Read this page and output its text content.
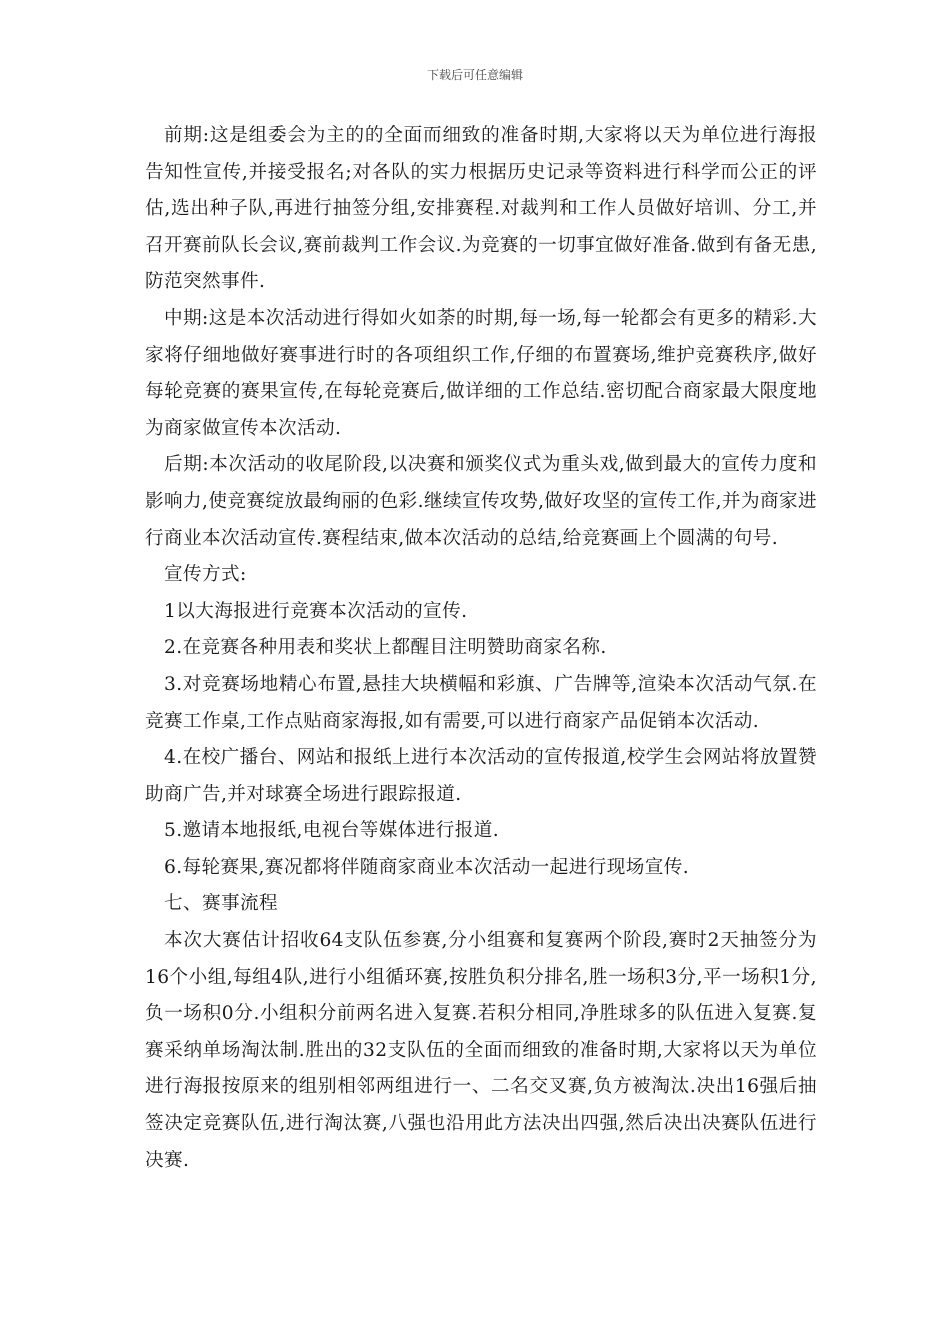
下载后可任意编辑

前期:这是组委会为主的的全面而细致的准备时期,大家将以天为单位进行海报告知性宣传,并接受报名;对各队的实力根据历史记录等资料进行科学而公正的评估,选出种子队,再进行抽签分组,安排赛程.对裁判和工作人员做好培训、分工,并召开赛前队长会议,赛前裁判工作会议.为竞赛的一切事宜做好准备.做到有备无患,防范突然事件.

中期:这是本次活动进行得如火如荼的时期,每一场,每一轮都会有更多的精彩.大家将仔细地做好赛事进行时的各项组织工作,仔细的布置赛场,维护竞赛秩序,做好每轮竞赛的赛果宣传,在每轮竞赛后,做详细的工作总结.密切配合商家最大限度地为商家做宣传本次活动.

后期:本次活动的收尾阶段,以决赛和颁奖仪式为重头戏,做到最大的宣传力度和影响力,使竞赛绽放最绚丽的色彩.继续宣传攻势,做好攻坚的宣传工作,并为商家进行商业本次活动宣传.赛程结束,做本次活动的总结,给竞赛画上个圆满的句号.

宣传方式:

1以大海报进行竞赛本次活动的宣传.

2.在竞赛各种用表和奖状上都醒目注明赞助商家名称.

3.对竞赛场地精心布置,悬挂大块横幅和彩旗、广告牌等,渲染本次活动气氛.在竞赛工作桌,工作点贴商家海报,如有需要,可以进行商家产品促销本次活动.

4.在校广播台、网站和报纸上进行本次活动的宣传报道,校学生会网站将放置赞助商广告,并对球赛全场进行跟踪报道.

5.邀请本地报纸,电视台等媒体进行报道.

6.每轮赛果,赛况都将伴随商家商业本次活动一起进行现场宣传.

七、赛事流程

本次大赛估计招收64支队伍参赛,分小组赛和复赛两个阶段,赛时2天抽签分为16个小组,每组4队,进行小组循环赛,按胜负积分排名,胜一场积3分,平一场积1分,负一场积0分.小组积分前两名进入复赛.若积分相同,净胜球多的队伍进入复赛.复赛采纳单场淘汰制.胜出的32支队伍的全面而细致的准备时期,大家将以天为单位进行海报按原来的组别相邻两组进行一、二名交叉赛,负方被淘汰.决出16强后抽签决定竞赛队伍,进行淘汰赛,八强也沿用此方法决出四强,然后决出决赛队伍进行决赛.
